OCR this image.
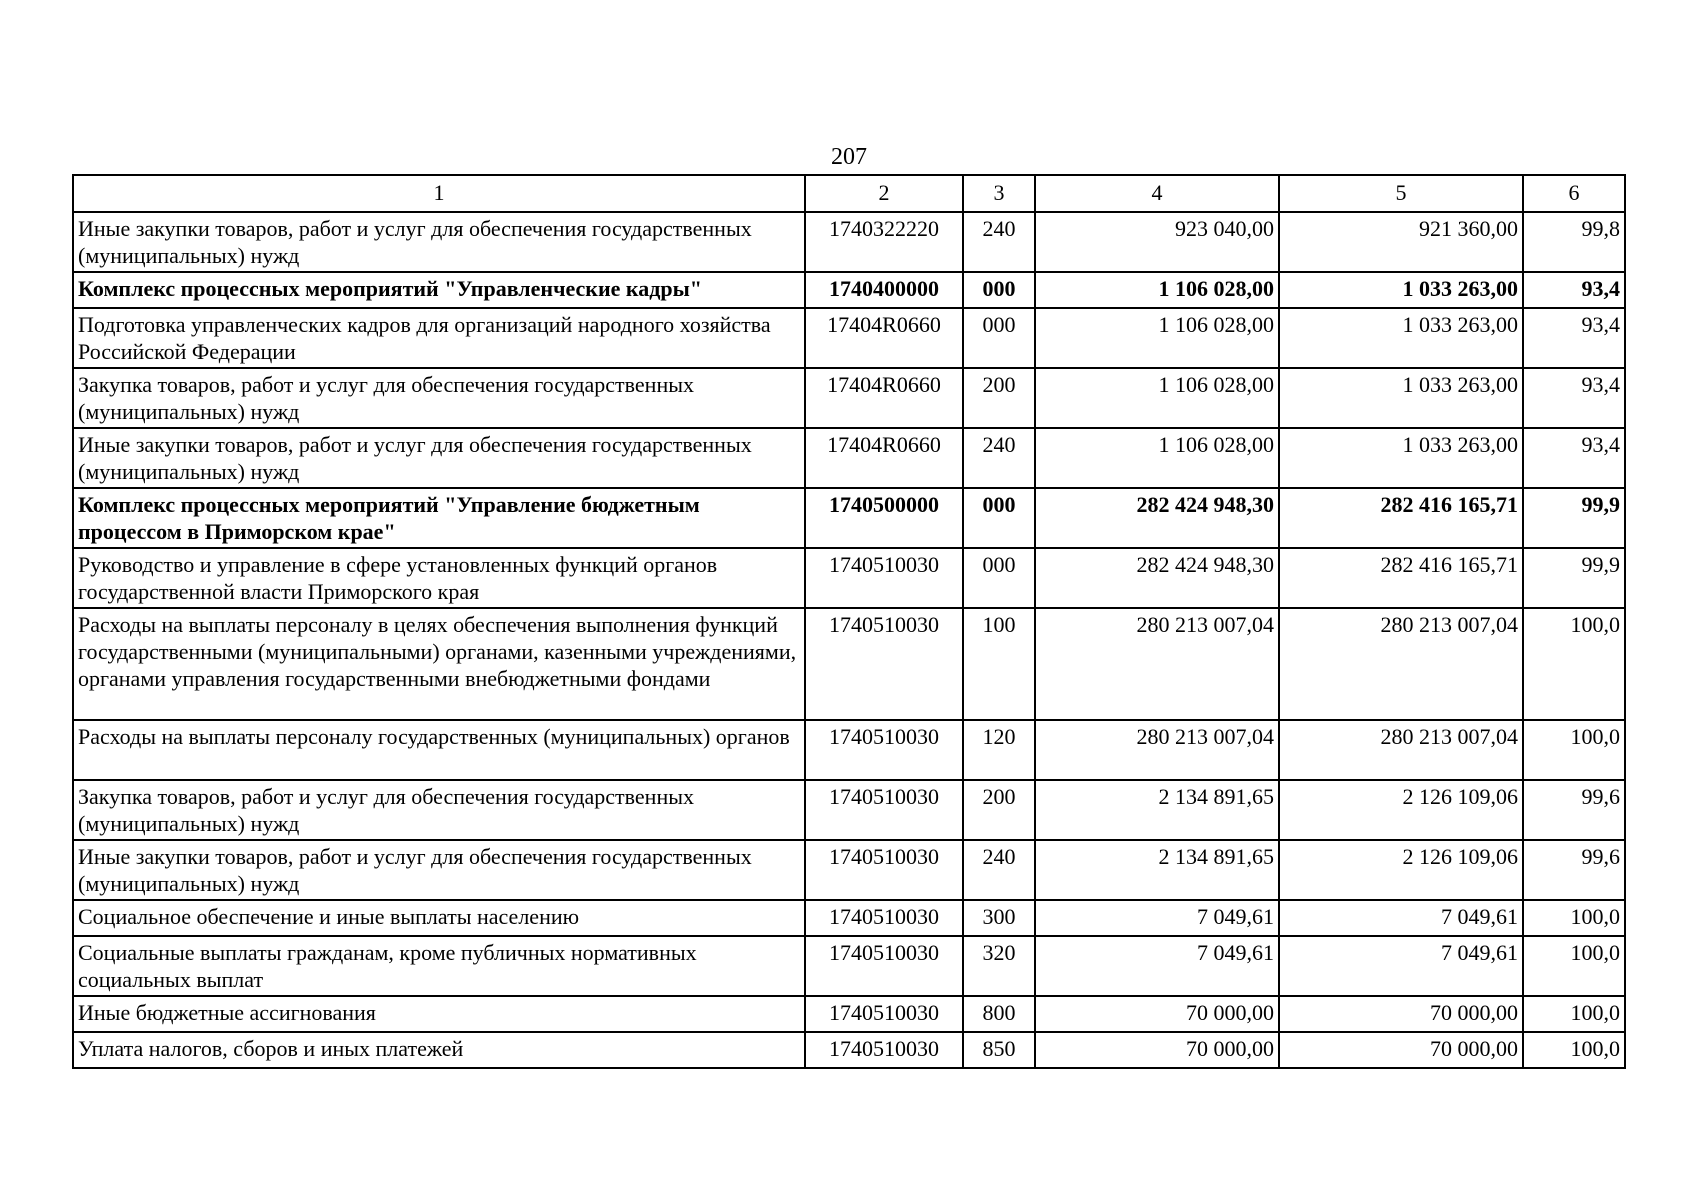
207
1	2	3	4	5	6
Иные закупки товаров, работ и услуг для обеспечения государственных (муниципальных) нужд	1740322220	240	923 040,00	921 360,00	99,8
Комплекс процессных мероприятий "Управленческие кадры"	1740400000	000	1 106 028,00	1 033 263,00	93,4
Подготовка управленческих кадров для организаций народного хозяйства Российской Федерации	17404R0660	000	1 106 028,00	1 033 263,00	93,4
Закупка товаров, работ и услуг для обеспечения государственных (муниципальных) нужд	17404R0660	200	1 106 028,00	1 033 263,00	93,4
Иные закупки товаров, работ и услуг для обеспечения государственных (муниципальных) нужд	17404R0660	240	1 106 028,00	1 033 263,00	93,4
Комплекс процессных мероприятий "Управление бюджетным процессом в Приморском крае"	1740500000	000	282 424 948,30	282 416 165,71	99,9
Руководство и управление в сфере установленных функций органов государственной власти Приморского края	1740510030	000	282 424 948,30	282 416 165,71	99,9
Расходы на выплаты персоналу в целях обеспечения выполнения функций государственными (муниципальными) органами, казенными учреждениями, органами управления государственными внебюджетными фондами	1740510030	100	280 213 007,04	280 213 007,04	100,0
Расходы на выплаты персоналу государственных (муниципальных) органов	1740510030	120	280 213 007,04	280 213 007,04	100,0
Закупка товаров, работ и услуг для обеспечения государственных (муниципальных) нужд	1740510030	200	2 134 891,65	2 126 109,06	99,6
Иные закупки товаров, работ и услуг для обеспечения государственных (муниципальных) нужд	1740510030	240	2 134 891,65	2 126 109,06	99,6
Социальное обеспечение и иные выплаты населению	1740510030	300	7 049,61	7 049,61	100,0
Социальные выплаты гражданам, кроме публичных нормативных социальных выплат	1740510030	320	7 049,61	7 049,61	100,0
Иные бюджетные ассигнования	1740510030	800	70 000,00	70 000,00	100,0
Уплата налогов, сборов и иных платежей	1740510030	850	70 000,00	70 000,00	100,0
